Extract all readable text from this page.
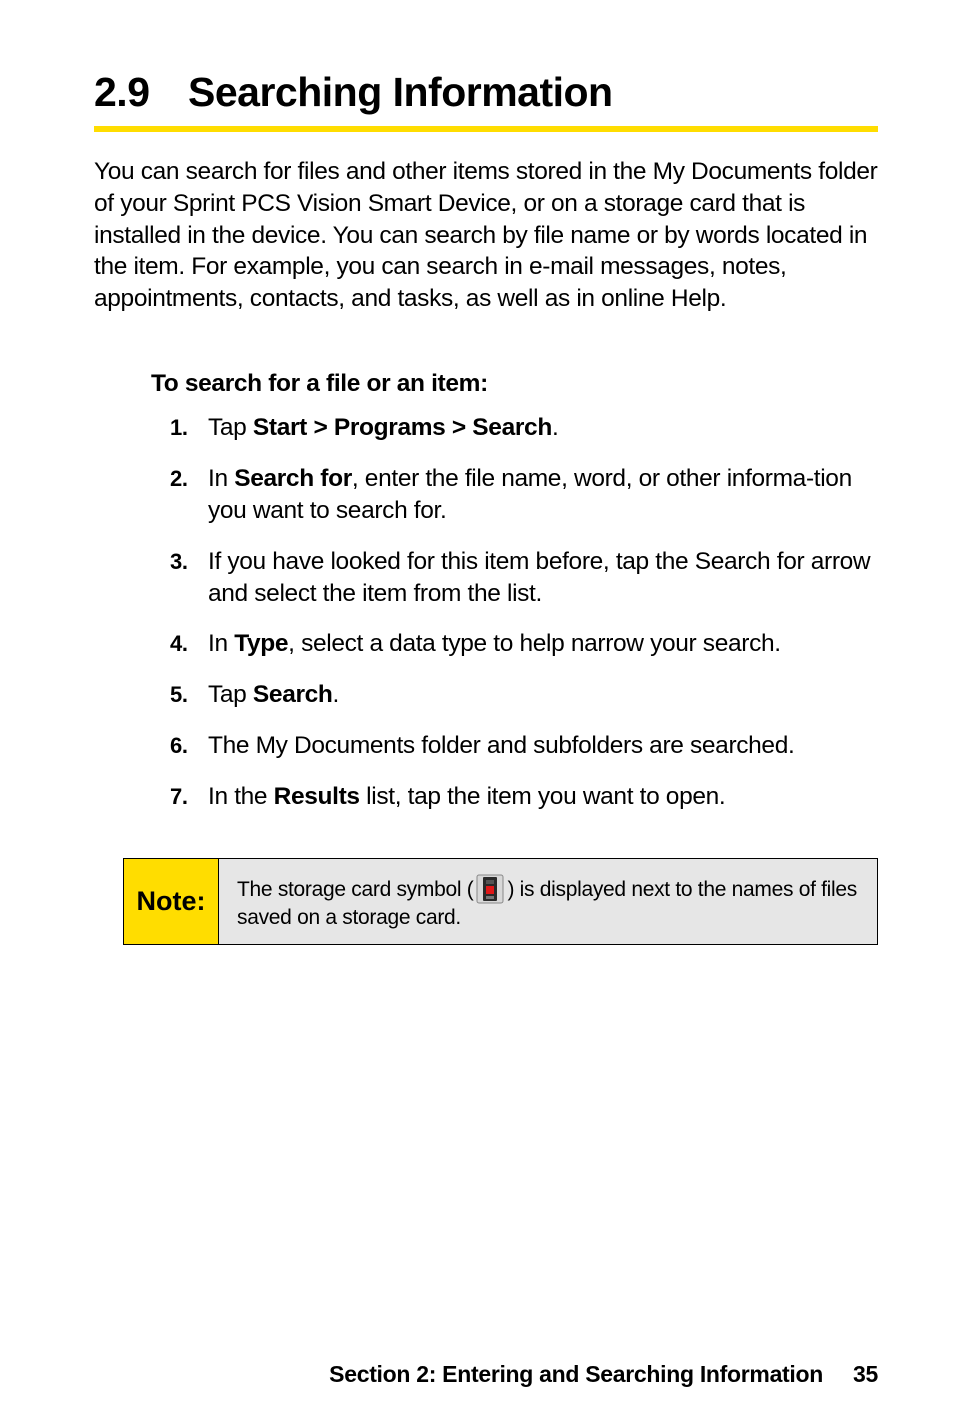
2.9 Searching Information

You can search for files and other items stored in the My Documents folder of your Sprint PCS Vision Smart Device, or on a storage card that is installed in the device. You can search by file name or by words located in the item. For example, you can search in e-mail messages, notes, appointments, contacts, and tasks, as well as in online Help.

To search for a file or an item:
1. Tap Start > Programs > Search.
2. In Search for, enter the file name, word, or other informa-tion you want to search for.
3. If you have looked for this item before, tap the Search for arrow and select the item from the list.
4. In Type, select a data type to help narrow your search.
5. Tap Search.
6. The My Documents folder and subfolders are searched.
7. In the Results list, tap the item you want to open.
Note:	The storage card symbol ( ) is displayed next to the names of files saved on a storage card.
Section 2: Entering and Searching Information 35
